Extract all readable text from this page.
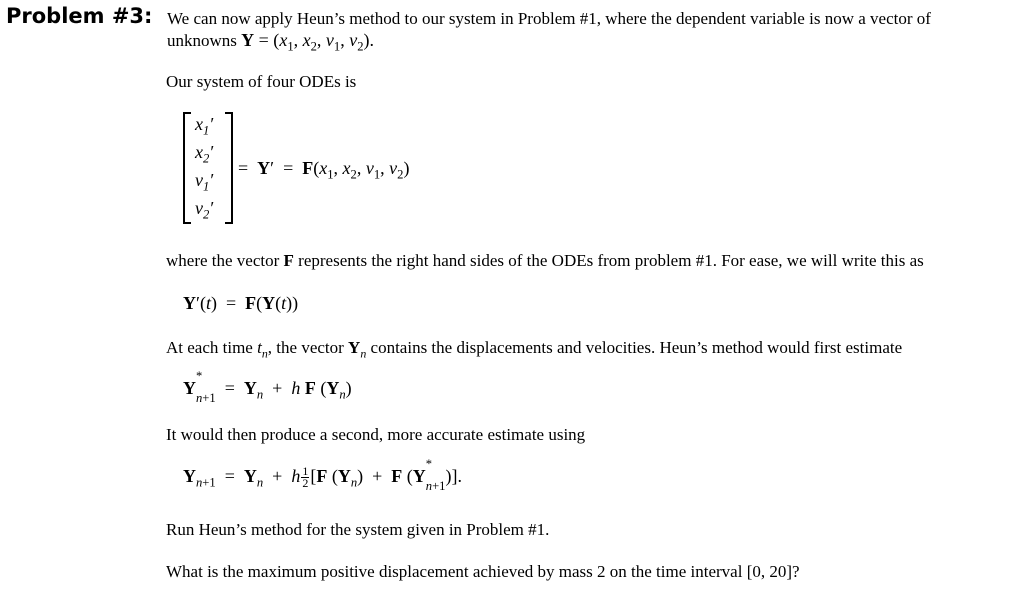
Problem #3: We can now apply Heun’s method to our system in Problem #1, where the dependent variable is now a vector of
unknowns $Y = (x_1$, $x_2$, $v_1$, $v_2$).
Our system of four ODEs is
$x_1'$
$x_2'$
$v_1'$
$v_2'$
=  $Y' = F(x_1$, $x_2$, $v_1$, $v_2$)
where the vector F represents the right hand sides of the ODEs from problem #1. For ease, we will write this as
Y′(t)  =  F(Y(t))
At each time $t_n$, the vector $Y_n$ contains the displacements and velocities. Heun’s method would first estimate
Y
*
$_{n+1} = Y_n + h$ F $(Y_n)$
It would then produce a second, more accurate estimate using
$Y_{n+1} = Y_n + h \frac{1}{2} [F$ $(Y_n) + F$ (Y
*
$_{n+1}$)].
Run Heun’s method for the system given in Problem #1.
What is the maximum positive displacement achieved by mass 2 on the time interval [0, 20]?
